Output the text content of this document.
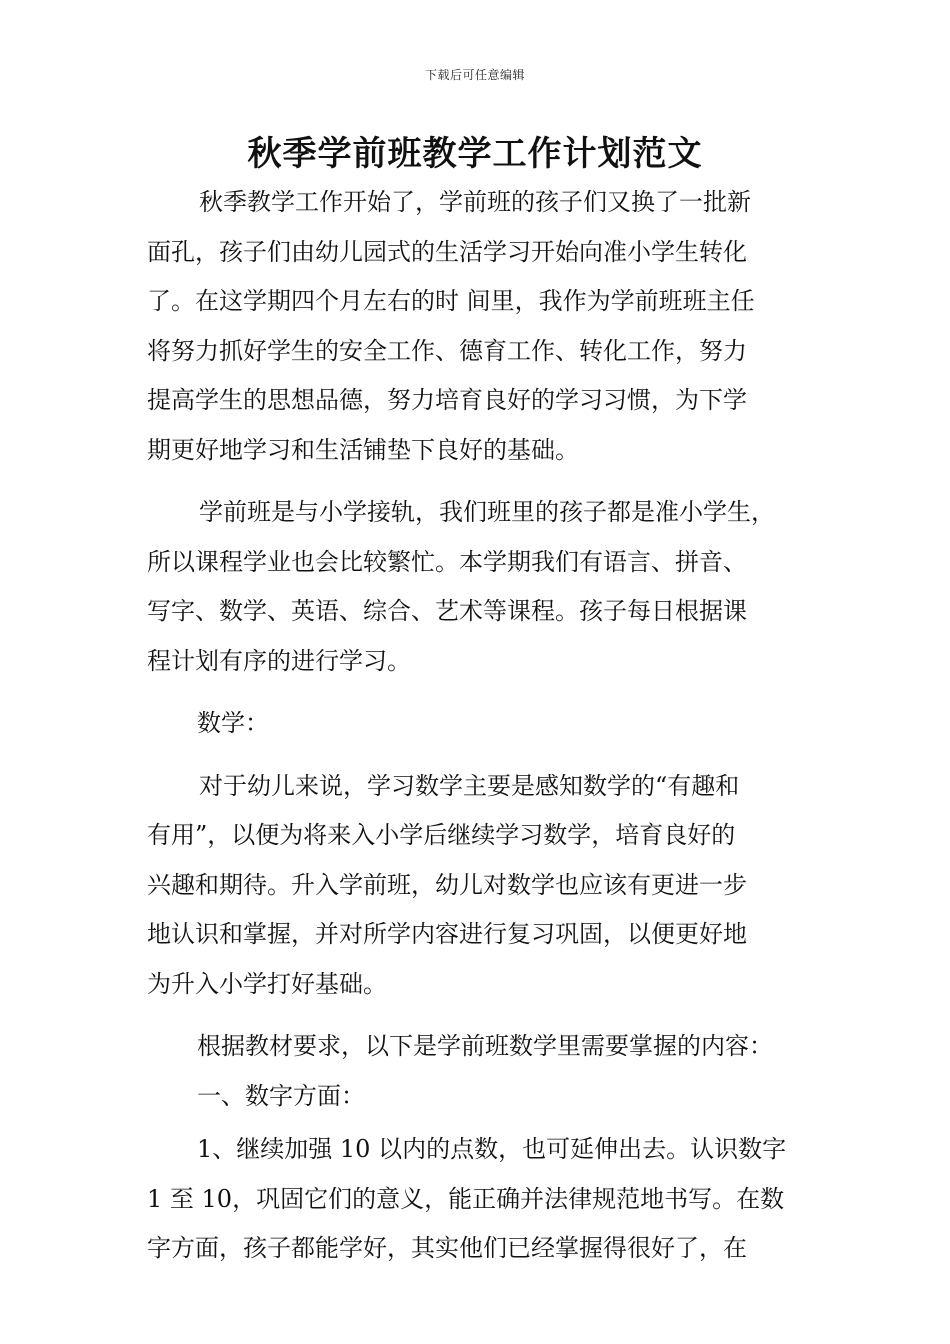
下载后可任意编辑
秋季学前班教学工作计划范文
秋季教学工作开始了，学前班的孩子们又换了一批新
面孔，孩子们由幼儿园式的生活学习开始向准小学生转化
了。在这学期四个月左右的时 间里，我作为学前班班主任
将努力抓好学生的安全工作、德育工作、转化工作，努力
提高学生的思想品德，努力培育良好的学习习惯，为下学
期更好地学习和生活铺垫下良好的基础。
学前班是与小学接轨，我们班里的孩子都是准小学生，
所以课程学业也会比较繁忙。本学期我们有语言、拼音、
写字、数学、英语、综合、艺术等课程。孩子每日根据课
程计划有序的进行学习。
数学：
对于幼儿来说，学习数学主要是感知数学的“有趣和
有用”，以便为将来入小学后继续学习数学，培育良好的
兴趣和期待。升入学前班，幼儿对数学也应该有更进一步
地认识和掌握，并对所学内容进行复习巩固，以便更好地
为升入小学打好基础。
根据教材要求，以下是学前班数学里需要掌握的内容：
一、数字方面：
1、继续加强 10 以内的点数，也可延伸出去。认识数字
1 至 10，巩固它们的意义，能正确并法律规范地书写。在数
字方面，孩子都能学好，其实他们已经掌握得很好了，在
